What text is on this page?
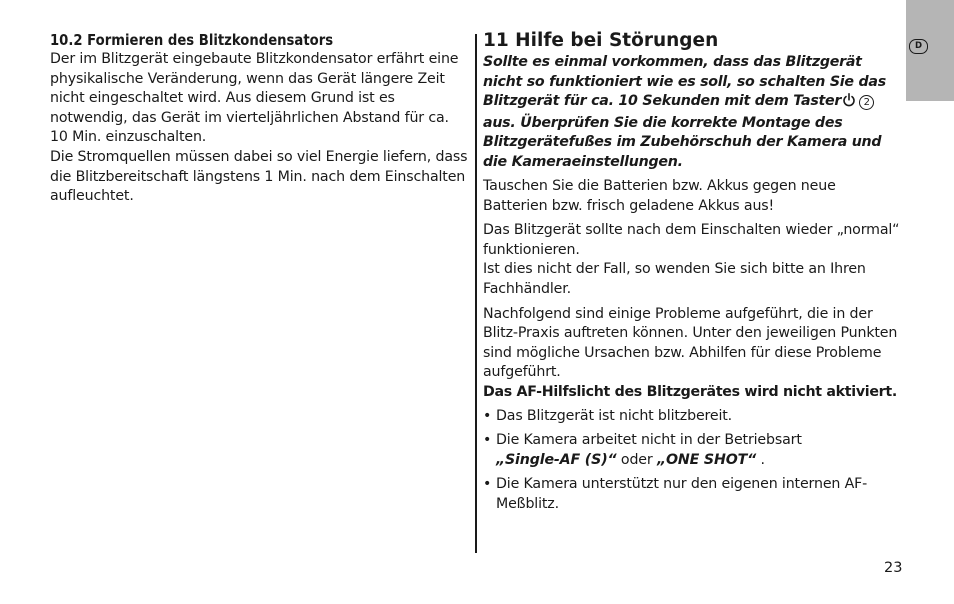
D

10.2 Formieren des Blitzkondensators

Der im Blitzgerät eingebaute Blitzkondensator erfährt eine physikalische Veränderung, wenn das Gerät längere Zeit nicht eingeschaltet wird. Aus diesem Grund ist es notwendig, das Gerät im vierteljährlichen Abstand für ca. 10 Min. einzuschalten.

Die Stromquellen müssen dabei so viel Energie liefern, dass die Blitzbereitschaft längstens 1 Min. nach dem Einschalten aufleuchtet.

11 Hilfe bei Störungen

Sollte es einmal vorkommen, dass das Blitzgerät nicht so funktioniert wie es soll, so schalten Sie das Blitzgerät für ca. 10 Sekunden mit dem Taster 2 aus. Überprüfen Sie die korrekte Montage des Blitzgerätefußes im Zubehörschuh der Kamera und die Kameraeinstellungen.

Tauschen Sie die Batterien bzw. Akkus gegen neue Batterien bzw. frisch geladene Akkus aus!

Das Blitzgerät sollte nach dem Einschalten wieder „normal“ funktionieren.

Ist dies nicht der Fall, so wenden Sie sich bitte an Ihren Fachhändler.

Nachfolgend sind einige Probleme aufgeführt, die in der Blitz-Praxis auftreten können. Unter den jeweiligen Punkten sind mögliche Ursachen bzw. Abhilfen für diese Probleme aufgeführt.

Das AF-Hilfslicht des Blitzgerätes wird nicht aktiviert.

• Das Blitzgerät ist nicht blitzbereit.
• Die Kamera arbeitet nicht in der Betriebsart
„Single-AF (S)“ oder „ONE SHOT“ .
• Die Kamera unterstützt nur den eigenen internen AF-Meßblitz.
23
